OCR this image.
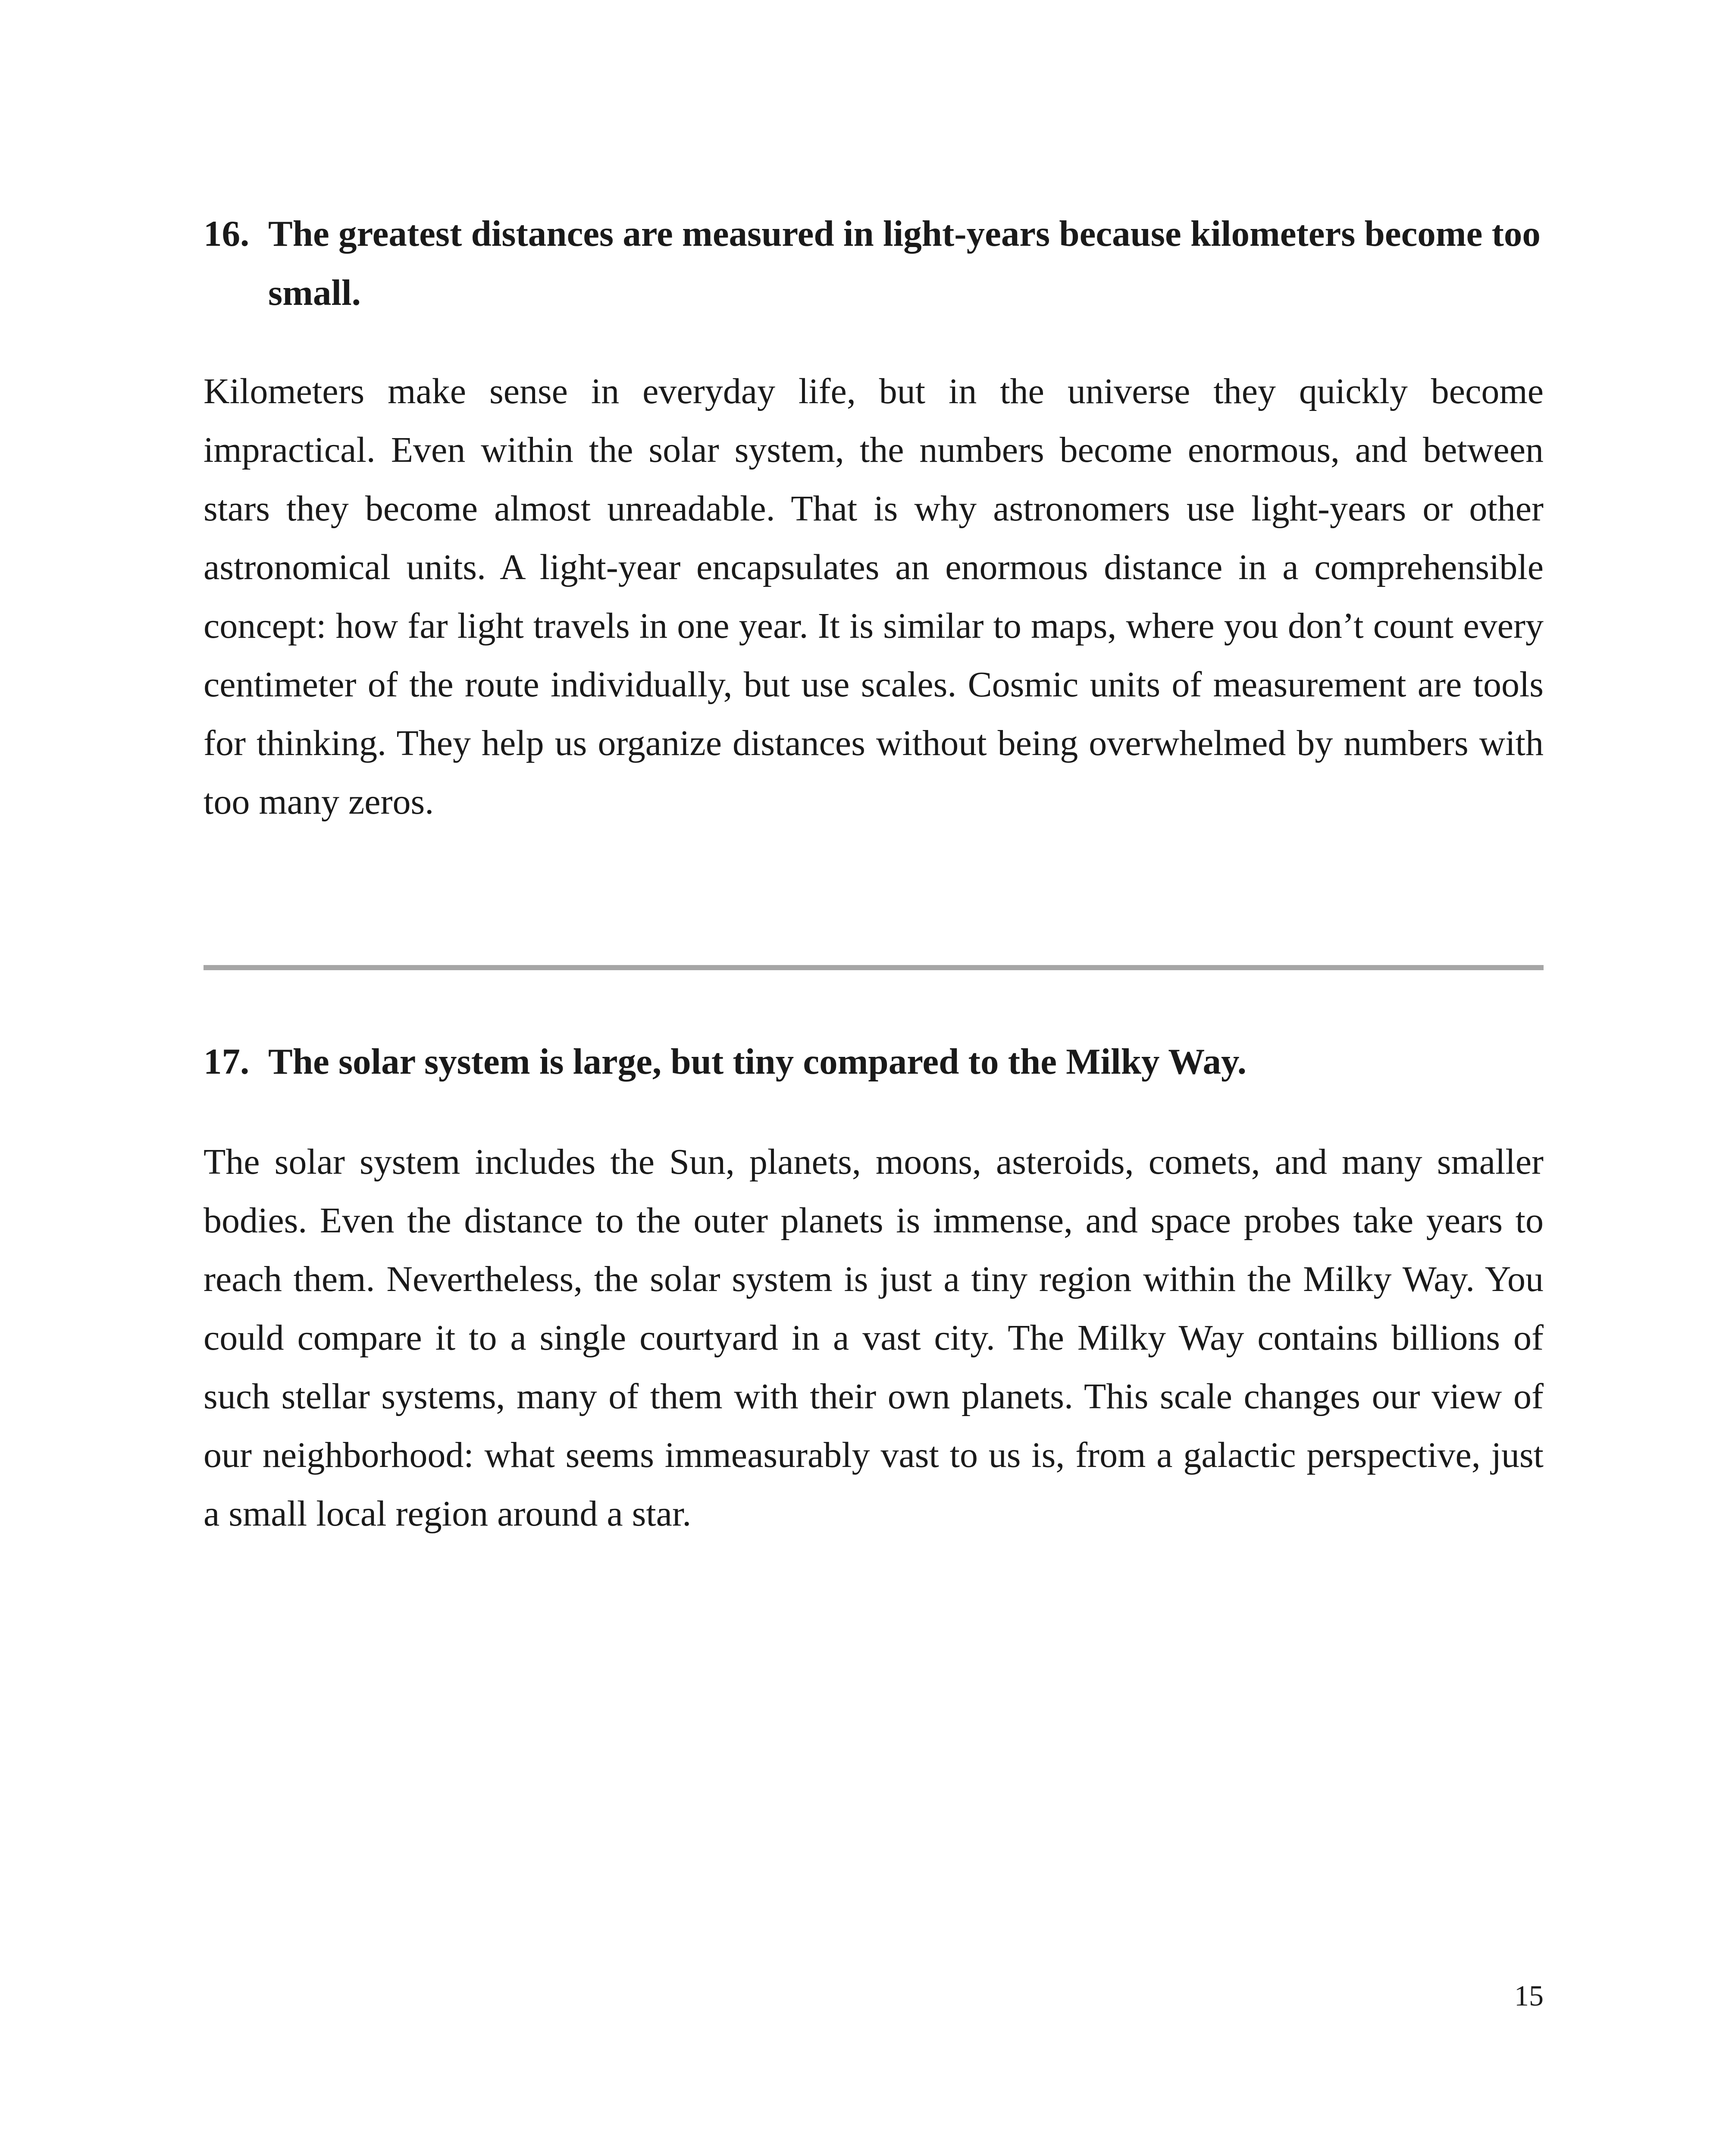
16. The greatest distances are measured in light-years because kilometers become too small.

Kilometers make sense in everyday life, but in the universe they quickly become impractical. Even within the solar system, the numbers become enormous, and between stars they become almost unreadable. That is why astronomers use light-years or other astronomical units. A light-year encapsulates an enormous distance in a comprehensible concept: how far light travels in one year. It is similar to maps, where you don’t count every centimeter of the route individually, but use scales. Cosmic units of measurement are tools for thinking. They help us organize distances without being overwhelmed by numbers with too many zeros.

17. The solar system is large, but tiny compared to the Milky Way.

The solar system includes the Sun, planets, moons, asteroids, comets, and many smaller bodies. Even the distance to the outer planets is immense, and space probes take years to reach them. Nevertheless, the solar system is just a tiny region within the Milky Way. You could compare it to a single courtyard in a vast city. The Milky Way contains billions of such stellar systems, many of them with their own planets. This scale changes our view of our neighborhood: what seems immeasurably vast to us is, from a galactic perspective, just a small local region around a star.

15
